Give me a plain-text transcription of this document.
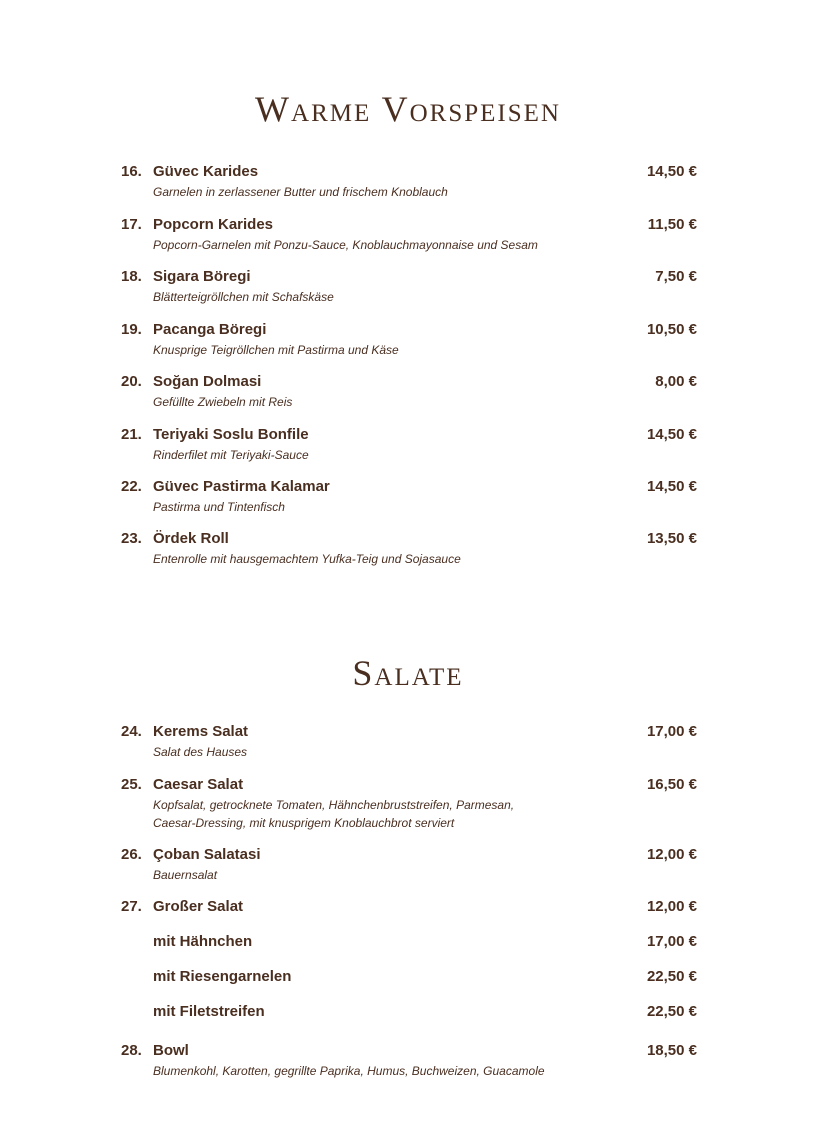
Warme Vorspeisen
16. Güvec Karides	14,50 €
Garnelen in zerlassener Butter und frischem Knoblauch
17. Popcorn Karides	11,50 €
Popcorn-Garnelen mit Ponzu-Sauce, Knoblauchmayonnaise und Sesam
18. Sigara Böregi	7,50 €
Blätterteigröllchen mit Schafskäse
19. Pacanga Böregi	10,50 €
Knusprige Teigröllchen mit Pastirma und Käse
20. Soğan Dolmasi	8,00 €
Gefüllte Zwiebeln mit Reis
21. Teriyaki Soslu Bonfile	14,50 €
Rinderfilet mit Teriyaki-Sauce
22. Güvec Pastirma Kalamar	14,50 €
Pastirma und Tintenfisch
23. Ördek Roll	13,50 €
Entenrolle mit hausgemachtem Yufka-Teig und Sojasauce
Salate
24. Kerems Salat	17,00 €
Salat des Hauses
25. Caesar Salat	16,50 €
Kopfsalat, getrocknete Tomaten, Hähnchenbruststreifen, Parmesan,
Caesar-Dressing, mit knusprigem Knoblauchbrot serviert
26. Çoban Salatasi	12,00 €
Bauernsalat
27. Großer Salat	12,00 €
mit Hähnchen	17,00 €
mit Riesengarnelen	22,50 €
mit Filetstreifen	22,50 €
28. Bowl	18,50 €
Blumenkohl, Karotten, gegrillte Paprika, Humus, Buchweizen, Guacamole
